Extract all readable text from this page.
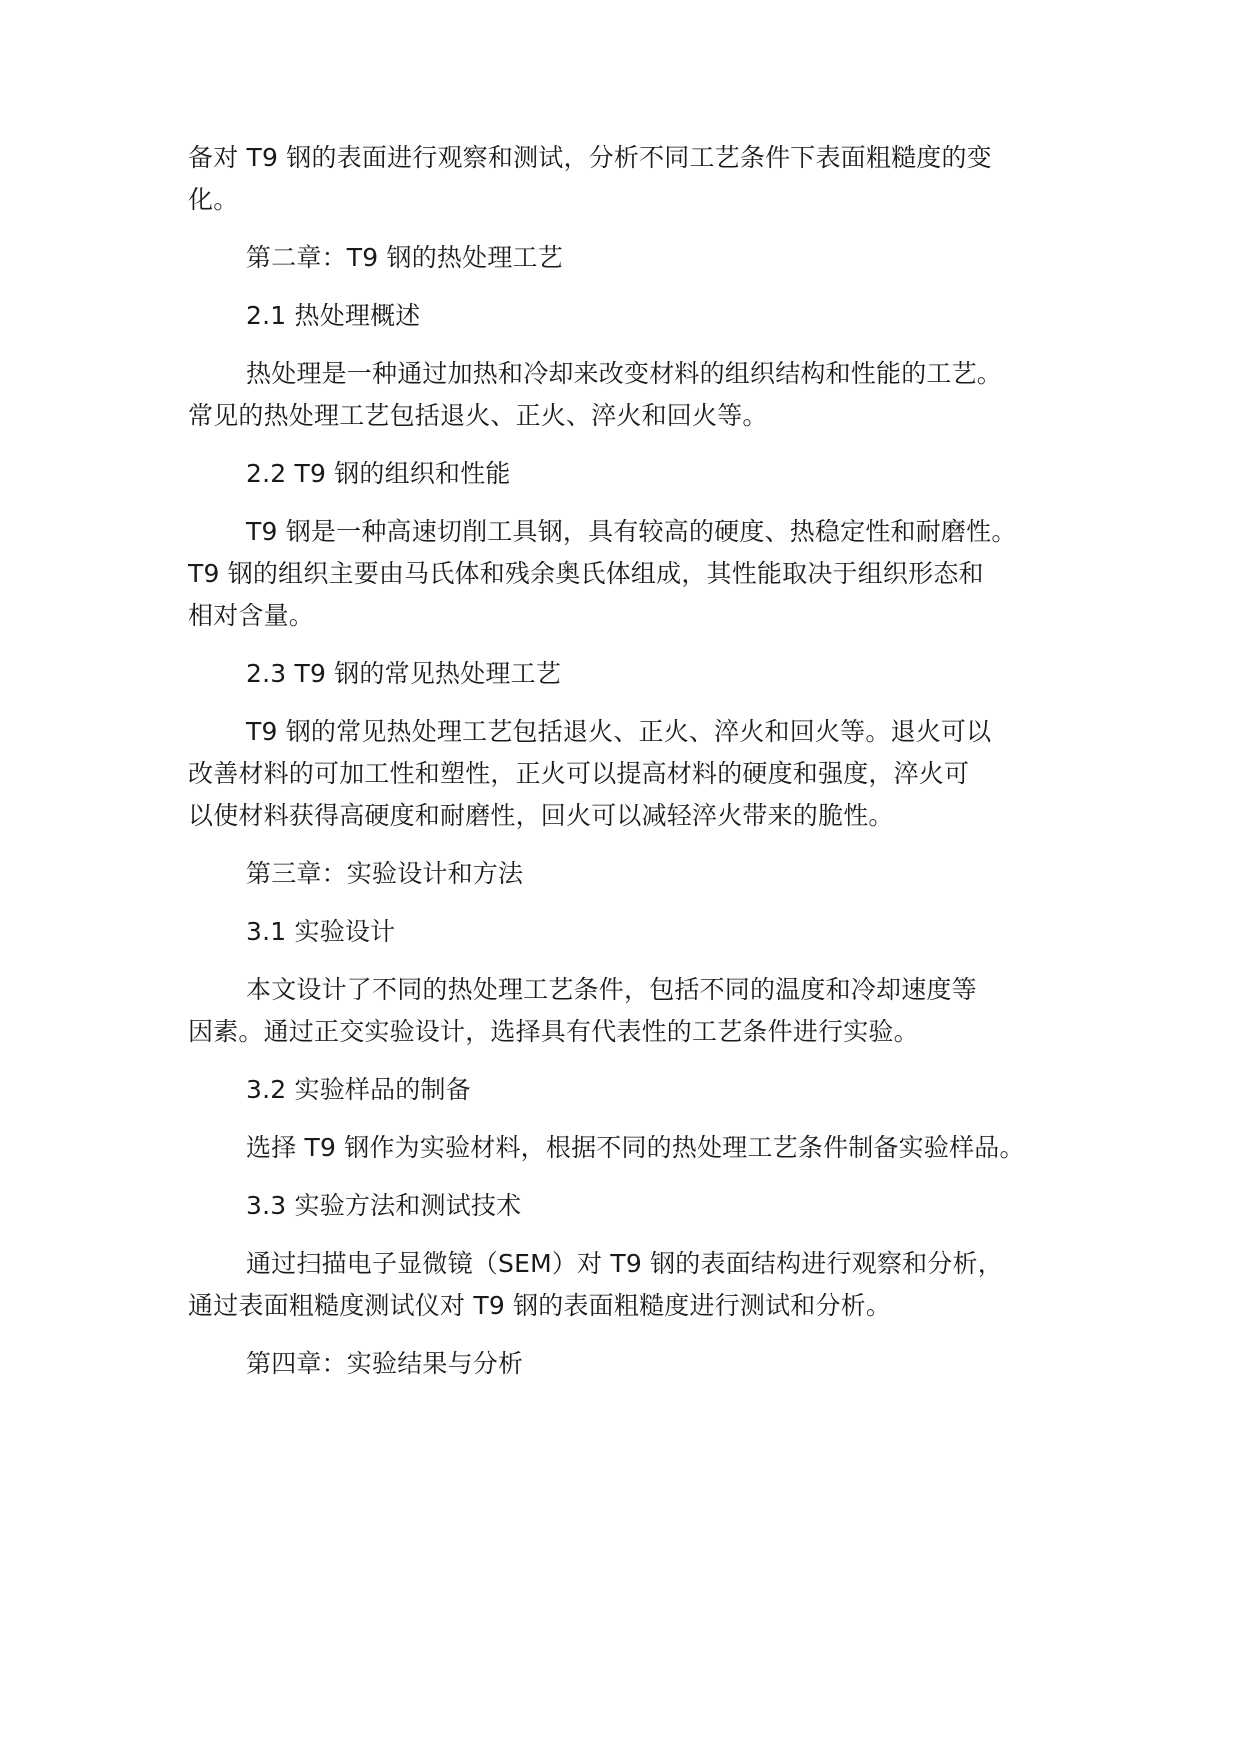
备对 T9 钢的表面进行观察和测试，分析不同工艺条件下表面粗糙度的变
化。
第二章：T9 钢的热处理工艺
2.1 热处理概述
热处理是一种通过加热和冷却来改变材料的组织结构和性能的工艺。
常见的热处理工艺包括退火、正火、淬火和回火等。
2.2 T9 钢的组织和性能
T9 钢是一种高速切削工具钢，具有较高的硬度、热稳定性和耐磨性。
T9 钢的组织主要由马氏体和残余奥氏体组成，其性能取决于组织形态和
相对含量。
2.3 T9 钢的常见热处理工艺
T9 钢的常见热处理工艺包括退火、正火、淬火和回火等。退火可以
改善材料的可加工性和塑性，正火可以提高材料的硬度和强度，淬火可
以使材料获得高硬度和耐磨性，回火可以减轻淬火带来的脆性。
第三章：实验设计和方法
3.1 实验设计
本文设计了不同的热处理工艺条件，包括不同的温度和冷却速度等
因素。通过正交实验设计，选择具有代表性的工艺条件进行实验。
3.2 实验样品的制备
选择 T9 钢作为实验材料，根据不同的热处理工艺条件制备实验样品。
3.3 实验方法和测试技术
通过扫描电子显微镜（SEM）对 T9 钢的表面结构进行观察和分析，
通过表面粗糙度测试仪对 T9 钢的表面粗糙度进行测试和分析。
第四章：实验结果与分析
